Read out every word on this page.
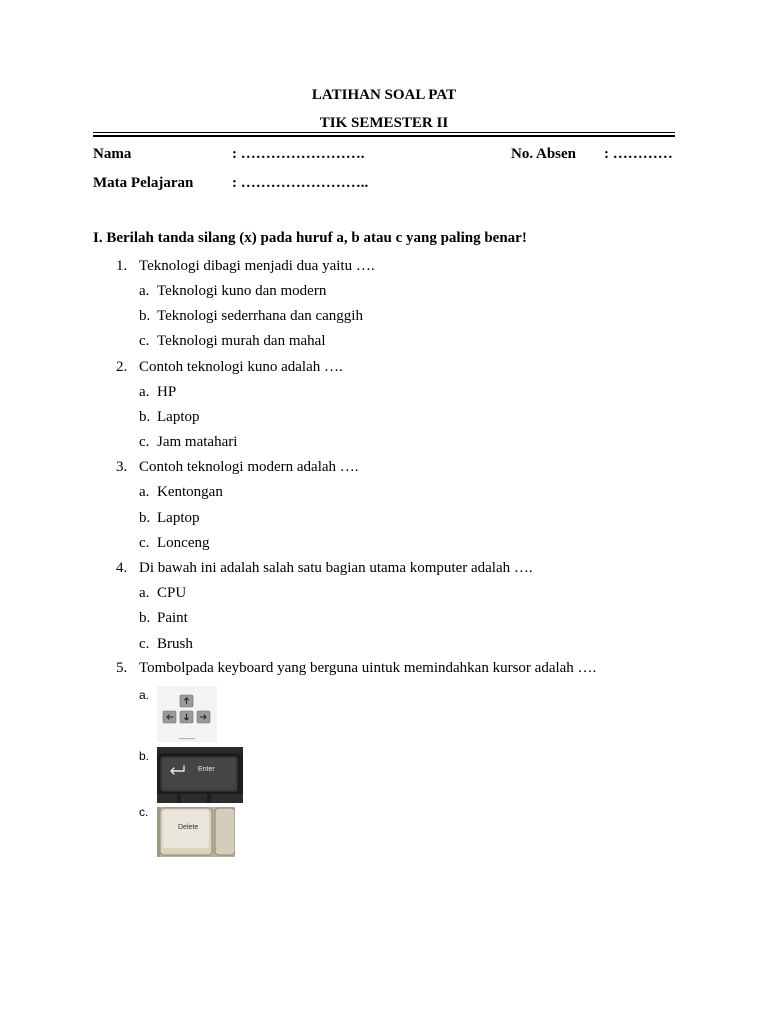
LATIHAN SOAL PAT
TIK SEMESTER II
Nama	: …………………….	No. Absen : …………
Mata Pelajaran	: ……………………..
I. Berilah tanda silang (x) pada huruf a, b atau c yang paling benar!
1. Teknologi dibagi menjadi dua yaitu ….
a. Teknologi kuno dan modern
b. Teknologi sederrhana dan canggih
c. Teknologi murah dan mahal
2. Contoh teknologi kuno adalah ….
a. HP
b. Laptop
c. Jam matahari
3. Contoh teknologi modern adalah ….
a. Kentongan
b. Laptop
c. Lonceng
4. Di bawah ini adalah salah satu bagian utama komputer adalah ….
a. CPU
b. Paint
c. Brush
5. Tombolpada keyboard yang berguna uintuk memindahkan kursor adalah ….
a.
b.
Enter
c.
Delete
